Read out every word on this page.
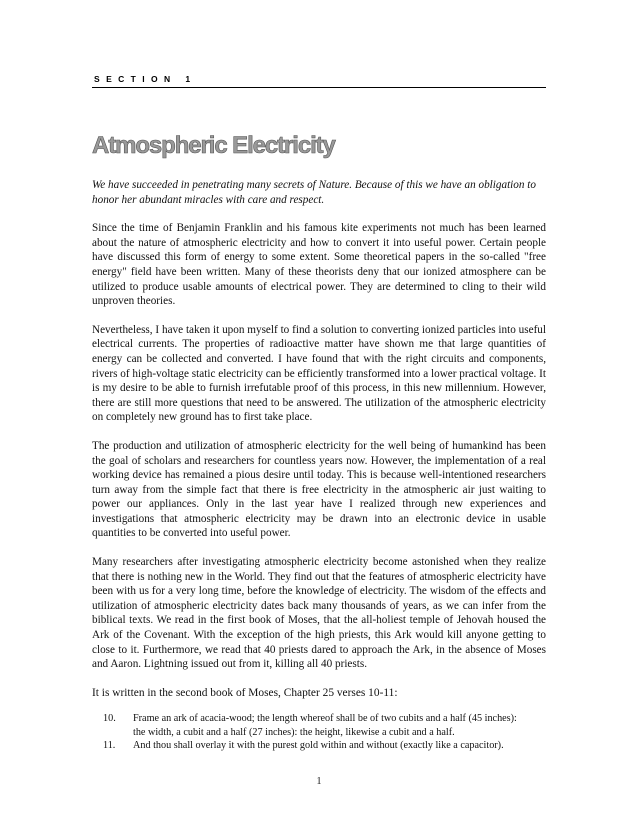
SECTION 1
Atmospheric Electricity

We have succeeded in penetrating many secrets of Nature. Because of this we have an obligation to honor her abundant miracles with care and respect.

Since the time of Benjamin Franklin and his famous kite experiments not much has been learned about the nature of atmospheric electricity and how to convert it into useful power. Certain people have discussed this form of energy to some extent. Some theoretical papers in the so-called "free energy" field have been written. Many of these theorists deny that our ionized atmosphere can be utilized to produce usable amounts of electrical power. They are determined to cling to their wild unproven theories.

Nevertheless, I have taken it upon myself to find a solution to converting ionized particles into useful electrical currents. The properties of radioactive matter have shown me that large quantities of energy can be collected and converted. I have found that with the right circuits and components, rivers of high-voltage static electricity can be efficiently transformed into a lower practical voltage. It is my desire to be able to furnish irrefutable proof of this process, in this new millennium. However, there are still more questions that need to be answered. The utilization of the atmospheric electricity on completely new ground has to first take place.

The production and utilization of atmospheric electricity for the well being of humankind has been the goal of scholars and researchers for countless years now. However, the implementation of a real working device has remained a pious desire until today. This is because well-intentioned researchers turn away from the simple fact that there is free electricity in the atmospheric air just waiting to power our appliances. Only in the last year have I realized through new experiences and investigations that atmospheric electricity may be drawn into an electronic device in usable quantities to be converted into useful power.

Many researchers after investigating atmospheric electricity become astonished when they realize that there is nothing new in the World. They find out that the features of atmospheric electricity have been with us for a very long time, before the knowledge of electricity. The wisdom of the effects and utilization of atmospheric electricity dates back many thousands of years, as we can infer from the biblical texts. We read in the first book of Moses, that the all-holiest temple of Jehovah housed the Ark of the Covenant. With the exception of the high priests, this Ark would kill anyone getting to close to it. Furthermore, we read that 40 priests dared to approach the Ark, in the absence of Moses and Aaron. Lightning issued out from it, killing all 40 priests.

It is written in the second book of Moses, Chapter 25 verses 10-11:

10.	Frame an ark of acacia-wood; the length whereof shall be of two cubits and a half (45 inches): the width, a cubit and a half (27 inches): the height, likewise a cubit and a half.
11.	And thou shall overlay it with the purest gold within and without (exactly like a capacitor).
1
